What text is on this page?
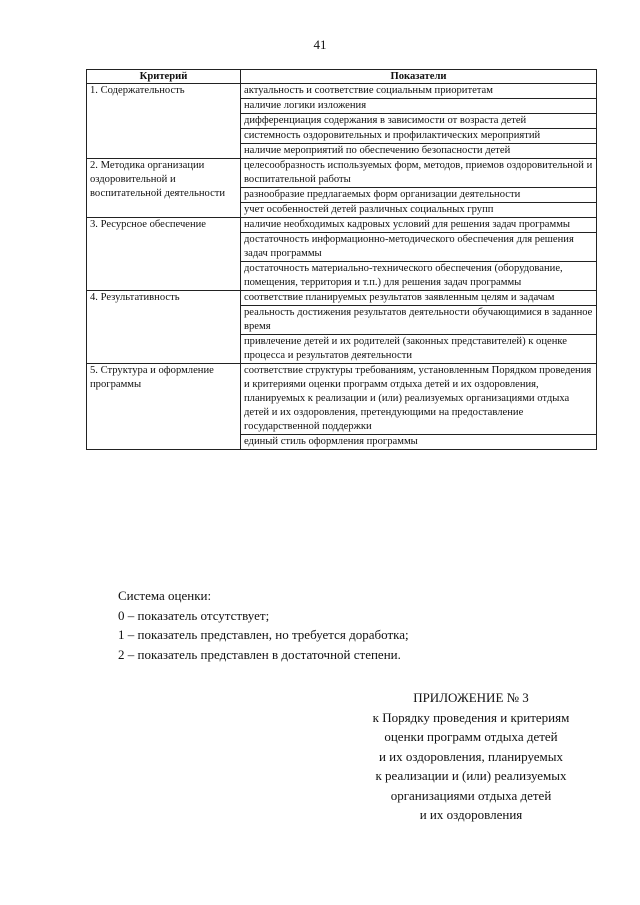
41
Критерий	Показатели
1. Содержательность	актуальность и соответствие социальным приоритетам
	наличие логики изложения
	дифференциация содержания в зависимости от возраста детей
	системность оздоровительных и профилактических мероприятий
	наличие мероприятий по обеспечению безопасности детей
2. Методика организации оздоровительной и воспитательной деятельности	целесообразность используемых форм, методов, приемов оздоровительной и воспитательной работы
	разнообразие предлагаемых форм организации деятельности
	учет особенностей детей различных социальных групп
3. Ресурсное обеспечение	наличие необходимых кадровых условий для решения задач программы
	достаточность информационно-методического обеспечения для решения задач программы
	достаточность материально-технического обеспечения (оборудование, помещения, территория и т.п.) для решения задач программы
4. Результативность	соответствие планируемых результатов заявленным целям и задачам
	реальность достижения результатов деятельности обучающимися в заданное время
	привлечение детей и их родителей (законных представителей) к оценке процесса и результатов деятельности
5. Структура и оформление программы	соответствие структуры требованиям, установленным Порядком проведения и критериями оценки программ отдыха детей и их оздоровления, планируемых к реализации и (или) реализуемых организациями отдыха детей и их оздоровления, претендующими на предоставление государственной поддержки
	единый стиль оформления программы
Система оценки:
0 – показатель отсутствует;
1 – показатель представлен, но требуется доработка;
2 – показатель представлен в достаточной степени.
ПРИЛОЖЕНИЕ № 3
к Порядку проведения и критериям
оценки программ отдыха детей
и их оздоровления, планируемых
к реализации и (или) реализуемых
организациями отдыха детей
и их оздоровления
